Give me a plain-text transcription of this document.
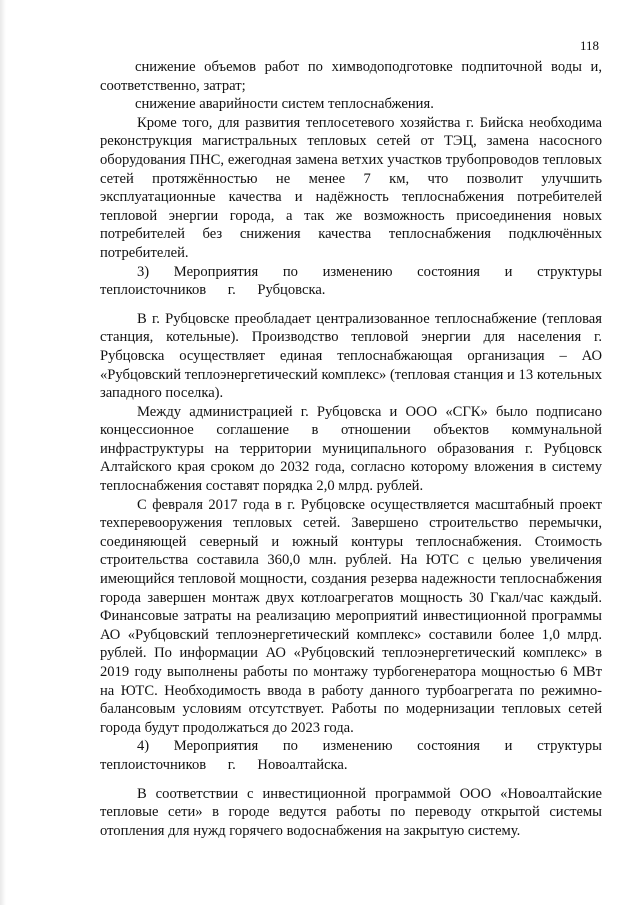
118

снижение объемов работ по химводоподготовке подпиточной воды и, соответственно, затрат;

снижение аварийности систем теплоснабжения.

Кроме того, для развития теплосетевого хозяйства г. Бийска необходима реконструкция магистральных тепловых сетей от ТЭЦ, замена насосного оборудования ПНС, ежегодная замена ветхих участков трубопроводов тепловых сетей протяжённостью не менее 7 км, что позволит улучшить эксплуатационные качества и надёжность теплоснабжения потребителей тепловой энергии города, а так же возможность присоединения новых потребителей без снижения качества теплоснабжения подключённых потребителей.

3) Мероприятия по изменению состояния и структуры теплоисточников г. Рубцовска.

В г. Рубцовске преобладает централизованное теплоснабжение (тепловая станция, котельные). Производство тепловой энергии для населения г. Рубцовска осуществляет единая теплоснабжающая организация – АО «Рубцовский теплоэнергетический комплекс» (тепловая станция и 13 котельных западного поселка).

Между администрацией г. Рубцовска и ООО «СГК» было подписано концессионное соглашение в отношении объектов коммунальной инфраструктуры на территории муниципального образования г. Рубцовск Алтайского края сроком до 2032 года, согласно которому вложения в систему теплоснабжения составят порядка 2,0 млрд. рублей.

С февраля 2017 года в г. Рубцовске осуществляется масштабный проект техперевооружения тепловых сетей. Завершено строительство перемычки, соединяющей северный и южный контуры теплоснабжения. Стоимость строительства составила 360,0 млн. рублей. На ЮТС с целью увеличения имеющийся тепловой мощности, создания резерва надежности теплоснабжения города завершен монтаж двух котлоагрегатов мощность 30 Гкал/час каждый. Финансовые затраты на реализацию мероприятий инвестиционной программы АО «Рубцовский теплоэнергетический комплекс» составили более 1,0 млрд. рублей. По информации АО «Рубцовский теплоэнергетический комплекс» в 2019 году выполнены работы по монтажу турбогенератора мощностью 6 МВт на ЮТС. Необходимость ввода в работу данного турбоагрегата по режимно-балансовым условиям отсутствует. Работы по модернизации тепловых сетей города будут продолжаться до 2023 года.

4) Мероприятия по изменению состояния и структуры теплоисточников г. Новоалтайска.

В соответствии с инвестиционной программой ООО «Новоалтайские тепловые сети» в городе ведутся работы по переводу открытой системы отопления для нужд горячего водоснабжения на закрытую систему.
